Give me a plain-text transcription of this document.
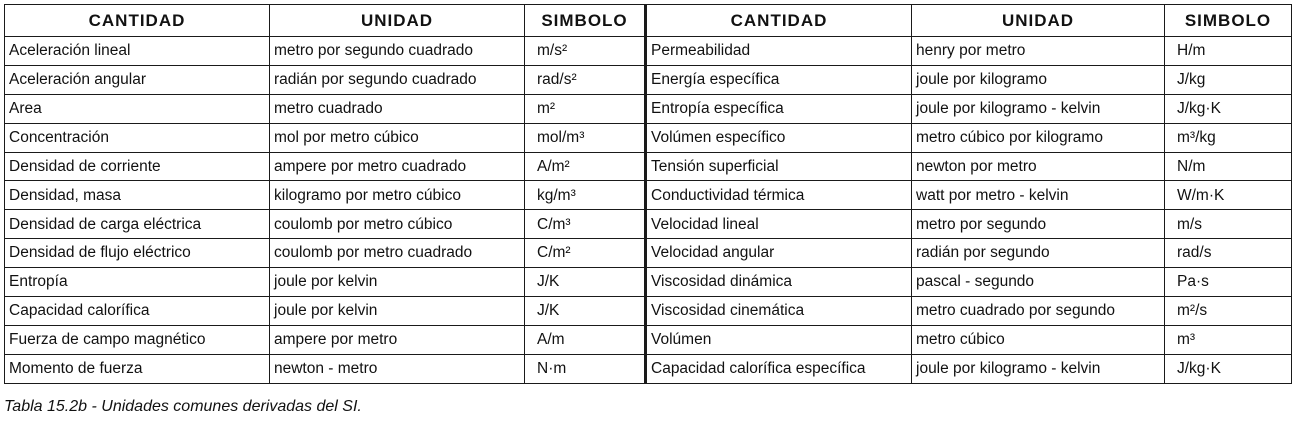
CANTIDAD	UNIDAD	SIMBOLO	CANTIDAD	UNIDAD	SIMBOLO
Aceleración lineal	metro por segundo cuadrado	m/s²	Permeabilidad	henry por metro	H/m
Aceleración angular	radián por segundo cuadrado	rad/s²	Energía específica	joule por kilogramo	J/kg
Area	metro cuadrado	m²	Entropía específica	joule por kilogramo - kelvin	J/kg·K
Concentración	mol por metro cúbico	mol/m³	Volúmen específico	metro cúbico por kilogramo	m³/kg
Densidad de corriente	ampere por metro cuadrado	A/m²	Tensión superficial	newton por metro	N/m
Densidad, masa	kilogramo por metro cúbico	kg/m³	Conductividad térmica	watt por metro - kelvin	W/m·K
Densidad de carga eléctrica	coulomb por metro cúbico	C/m³	Velocidad lineal	metro por segundo	m/s
Densidad de flujo eléctrico	coulomb por metro cuadrado	C/m²	Velocidad angular	radián por segundo	rad/s
Entropía	joule por kelvin	J/K	Viscosidad dinámica	pascal - segundo	Pa·s
Capacidad calorífica	joule por kelvin	J/K	Viscosidad cinemática	metro cuadrado por segundo	m²/s
Fuerza de campo magnético	ampere por metro	A/m	Volúmen	metro cúbico	m³
Momento de fuerza	newton - metro	N·m	Capacidad calorífica específica	joule por kilogramo - kelvin	J/kg·K
Tabla 15.2b - Unidades comunes derivadas del SI.
